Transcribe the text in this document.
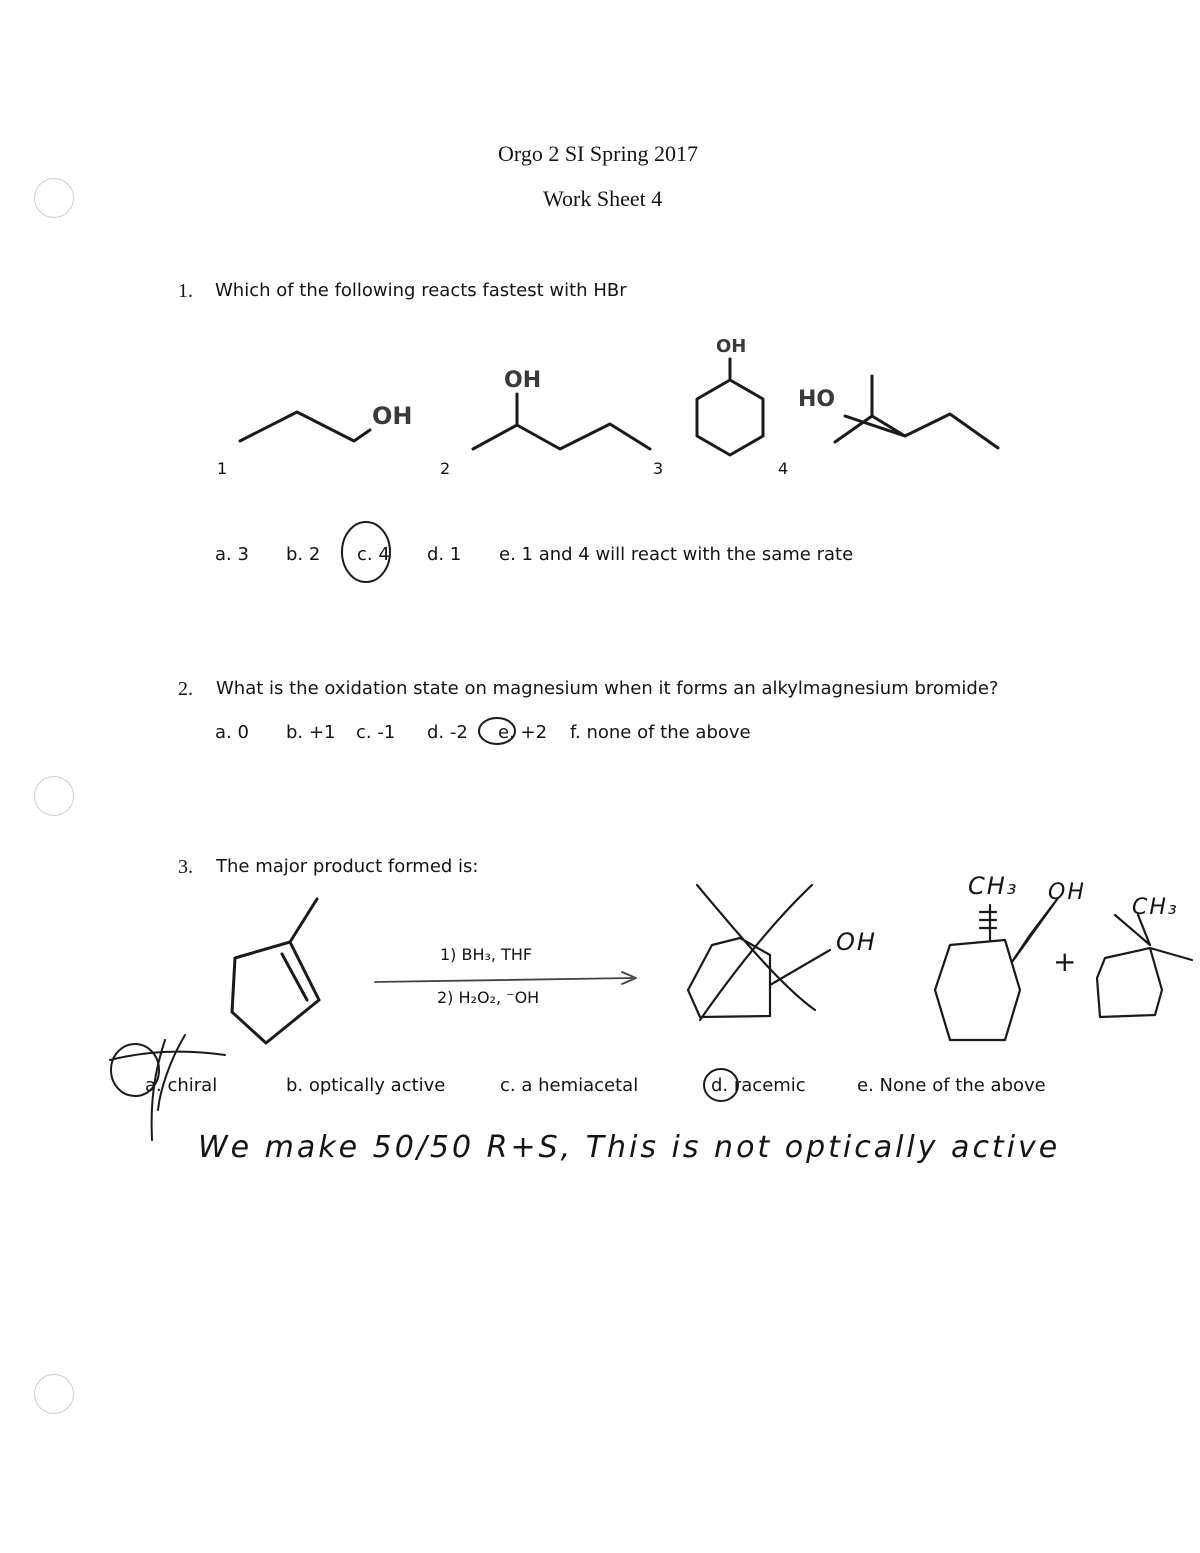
Orgo 2 SI Spring 2017
Work Sheet 4
1. Which of the following reacts fastest with HBr
OH
OH
OH
HO
1	2	3	4
a. 3 b. 2 c. 4 d. 1 e. 1 and 4 will react with the same rate
2. What is the oxidation state on magnesium when it forms an alkylmagnesium bromide?
a. 0 b. +1 c. -1 d. -2 e. +2 f. none of the above
3. The major product formed is:
1) BH₃, THF
2) H₂O₂, ⁻OH
OH
CH₃ OH
+
CH₃
a. chiral	b. optically active	c. a hemiacetal	d. racemic	e. None of the above
We make 50/50 R+S, This is not optically active
